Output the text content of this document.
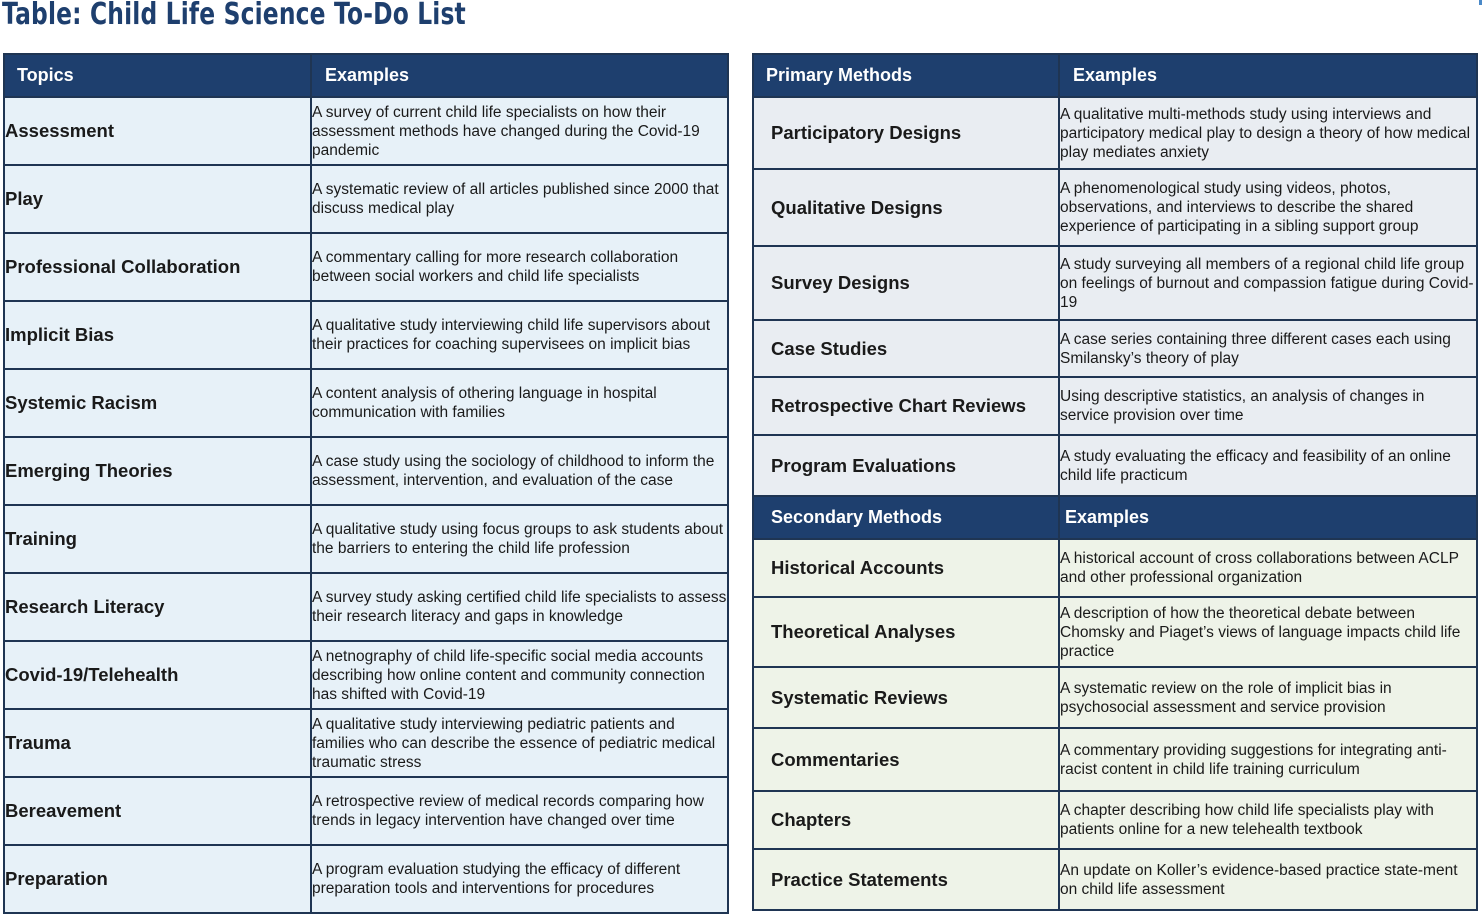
Table: Child Life Science To-Do List
Topics	Examples
Assessment	A survey of current child life specialists on how their assessment methods have changed during the Covid-19 pandemic
Play	A systematic review of all articles published since 2000 that discuss medical play
Professional Collaboration	A commentary calling for more research collaboration between social workers and child life specialists
Implicit Bias	A qualitative study interviewing child life supervisors about their practices for coaching supervisees on implicit bias
Systemic Racism	A content analysis of othering language in hospital communication with families
Emerging Theories	A case study using the sociology of childhood to inform the assessment, intervention, and evaluation of the case
Training	A qualitative study using focus groups to ask students about the barriers to entering the child life profession
Research Literacy	A survey study asking certified child life specialists to assess their research literacy and gaps in knowledge
Covid-19/Telehealth	A netnography of child life-specific social media accounts describing how online content and community connection has shifted with Covid-19
Trauma	A qualitative study interviewing pediatric patients and families who can describe the essence of pediatric medical traumatic stress
Bereavement	A retrospective review of medical records comparing how trends in legacy intervention have changed over time
Preparation	A program evaluation studying the efficacy of different preparation tools and interventions for procedures
Primary Methods	Examples
Participatory Designs	A qualitative multi-methods study using interviews and participatory medical play to design a theory of how medical play mediates anxiety
Qualitative Designs	A phenomenological study using videos, photos, observations, and interviews to describe the shared experience of participating in a sibling support group
Survey Designs	A study surveying all members of a regional child life group on feelings of burnout and compassion fatigue during Covid-19
Case Studies	A case series containing three different cases each using Smilansky’s theory of play
Retrospective Chart Reviews	Using descriptive statistics, an analysis of changes in service provision over time
Program Evaluations	A study evaluating the efficacy and feasibility of an online child life practicum
Secondary Methods	Examples
Historical Accounts	A historical account of cross collaborations between ACLP and other professional organization
Theoretical Analyses	A description of how the theoretical debate between Chomsky and Piaget’s views of language impacts child life practice
Systematic Reviews	A systematic review on the role of implicit bias in psychosocial assessment and service provision
Commentaries	A commentary providing suggestions for integrating anti-racist content in child life training curriculum
Chapters	A chapter describing how child life specialists play with patients online for a new telehealth textbook
Practice Statements	An update on Koller’s evidence-based practice state-ment on child life assessment
